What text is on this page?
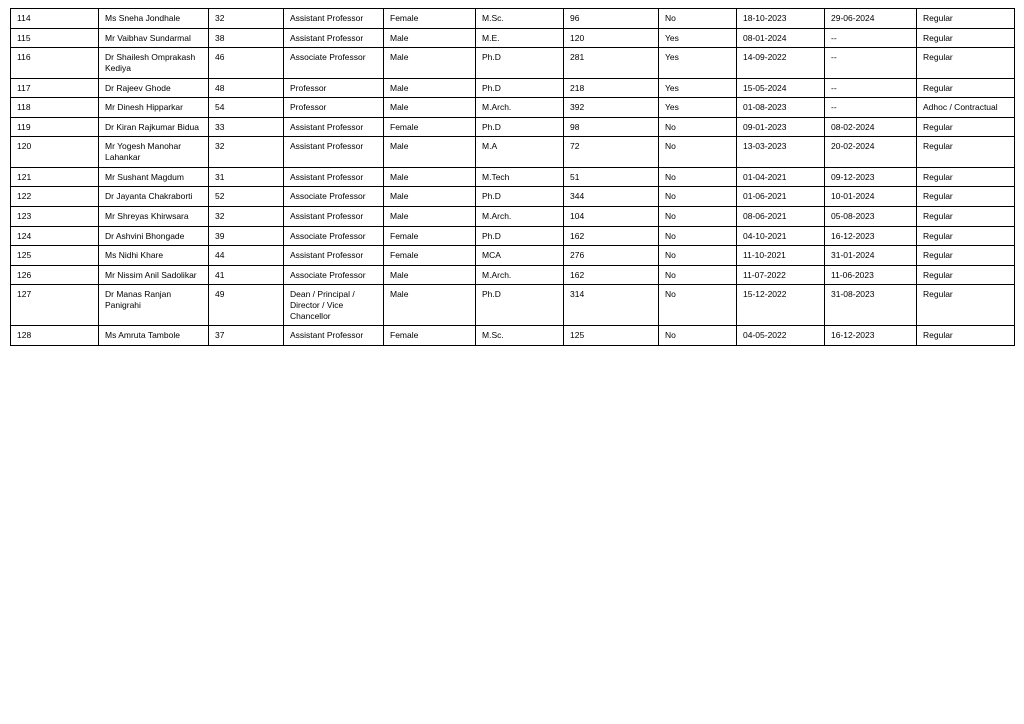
114	Ms Sneha Jondhale	32	Assistant Professor	Female	M.Sc.	96	No	18-10-2023	29-06-2024	Regular
115	Mr Vaibhav Sundarmal	38	Assistant Professor	Male	M.E.	120	Yes	08-01-2024	--	Regular
116	Dr Shailesh Omprakash Kediya	46	Associate Professor	Male	Ph.D	281	Yes	14-09-2022	--	Regular
117	Dr Rajeev Ghode	48	Professor	Male	Ph.D	218	Yes	15-05-2024	--	Regular
118	Mr Dinesh Hipparkar	54	Professor	Male	M.Arch.	392	Yes	01-08-2023	--	Adhoc / Contractual
119	Dr Kiran Rajkumar Bidua	33	Assistant Professor	Female	Ph.D	98	No	09-01-2023	08-02-2024	Regular
120	Mr Yogesh Manohar Lahankar	32	Assistant Professor	Male	M.A	72	No	13-03-2023	20-02-2024	Regular
121	Mr Sushant Magdum	31	Assistant Professor	Male	M.Tech	51	No	01-04-2021	09-12-2023	Regular
122	Dr Jayanta Chakraborti	52	Associate Professor	Male	Ph.D	344	No	01-06-2021	10-01-2024	Regular
123	Mr Shreyas Khirwsara	32	Assistant Professor	Male	M.Arch.	104	No	08-06-2021	05-08-2023	Regular
124	Dr Ashvini Bhongade	39	Associate Professor	Female	Ph.D	162	No	04-10-2021	16-12-2023	Regular
125	Ms Nidhi Khare	44	Assistant Professor	Female	MCA	276	No	11-10-2021	31-01-2024	Regular
126	Mr Nissim Anil Sadolikar	41	Associate Professor	Male	M.Arch.	162	No	11-07-2022	11-06-2023	Regular
127	Dr Manas Ranjan Panigrahi	49	Dean / Principal / Director / Vice Chancellor	Male	Ph.D	314	No	15-12-2022	31-08-2023	Regular
128	Ms Amruta Tambole	37	Assistant Professor	Female	M.Sc.	125	No	04-05-2022	16-12-2023	Regular
